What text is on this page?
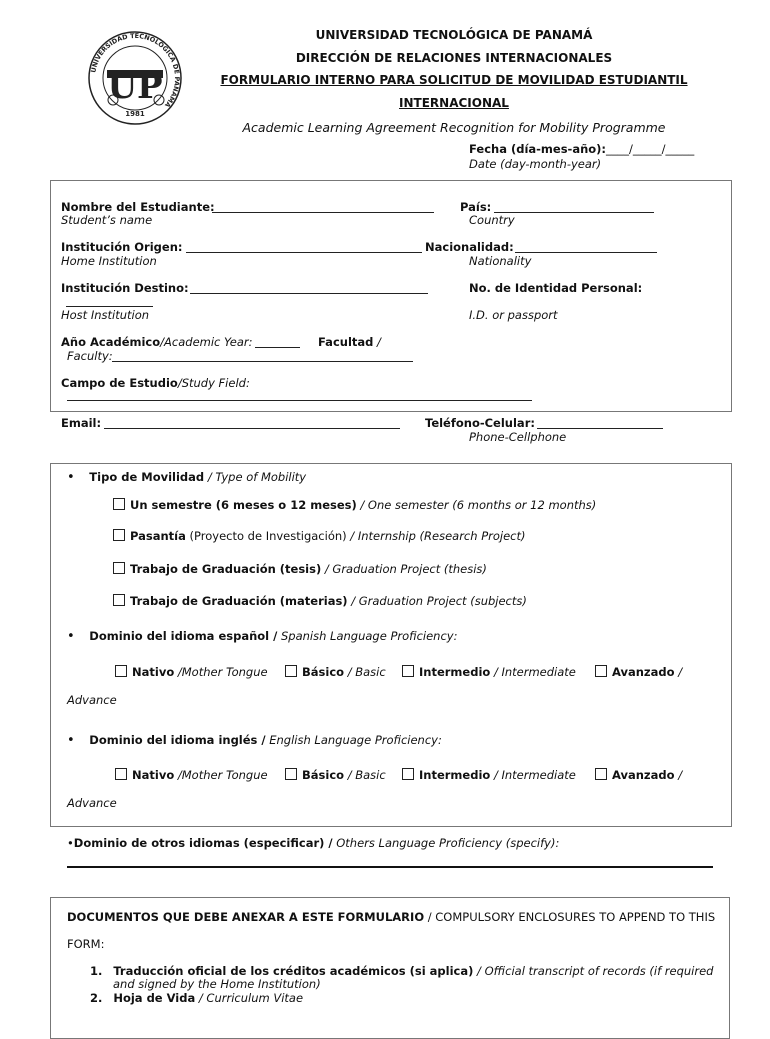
UNIVERSIDAD TECNOLÓGICA DE PANAMÁ
UP
1981
UNIVERSIDAD TECNOLÓGICA DE PANAMÁ
DIRECCIÓN DE RELACIONES INTERNACIONALES
FORMULARIO INTERNO PARA SOLICITUD DE MOVILIDAD ESTUDIANTIL
INTERNACIONAL
Academic Learning Agreement Recognition for Mobility Programme
Fecha (día-mes-año):____/_____/_____
Date (day-month-year)
Nombre del Estudiante:
Student’s name
País:
Country
Institución Origen:
Home Institution
Nacionalidad:
Nationality
Institución Destino:
Host Institution
No. de Identidad Personal:
I.D. or passport
Año Académico/Academic Year:	Facultad /
Faculty:
Campo de Estudio/Study Field:
Email:	Teléfono-Celular:
Phone-Cellphone
• Tipo de Movilidad / Type of Mobility
Un semestre (6 meses o 12 meses) / One semester (6 months or 12 months)
Pasantía (Proyecto de Investigación) / Internship (Research Project)
Trabajo de Graduación (tesis) / Graduation Project (thesis)
Trabajo de Graduación (materias) / Graduation Project (subjects)
• Dominio del idioma español / Spanish Language Proficiency:
Nativo /Mother Tongue	Básico / Basic	Intermedio / Intermediate	Avanzado /
Advance
• Dominio del idioma inglés / English Language Proficiency:
Nativo /Mother Tongue	Básico / Basic	Intermedio / Intermediate	Avanzado /
Advance
•Dominio de otros idiomas (especificar) / Others Language Proficiency (specify):
DOCUMENTOS QUE DEBE ANEXAR A ESTE FORMULARIO / COMPULSORY ENCLOSURES TO APPEND TO THIS
FORM:
1. Traducción oficial de los créditos académicos (si aplica) / Official transcript of records (if required
and signed by the Home Institution)
2. Hoja de Vida / Curriculum Vitae
